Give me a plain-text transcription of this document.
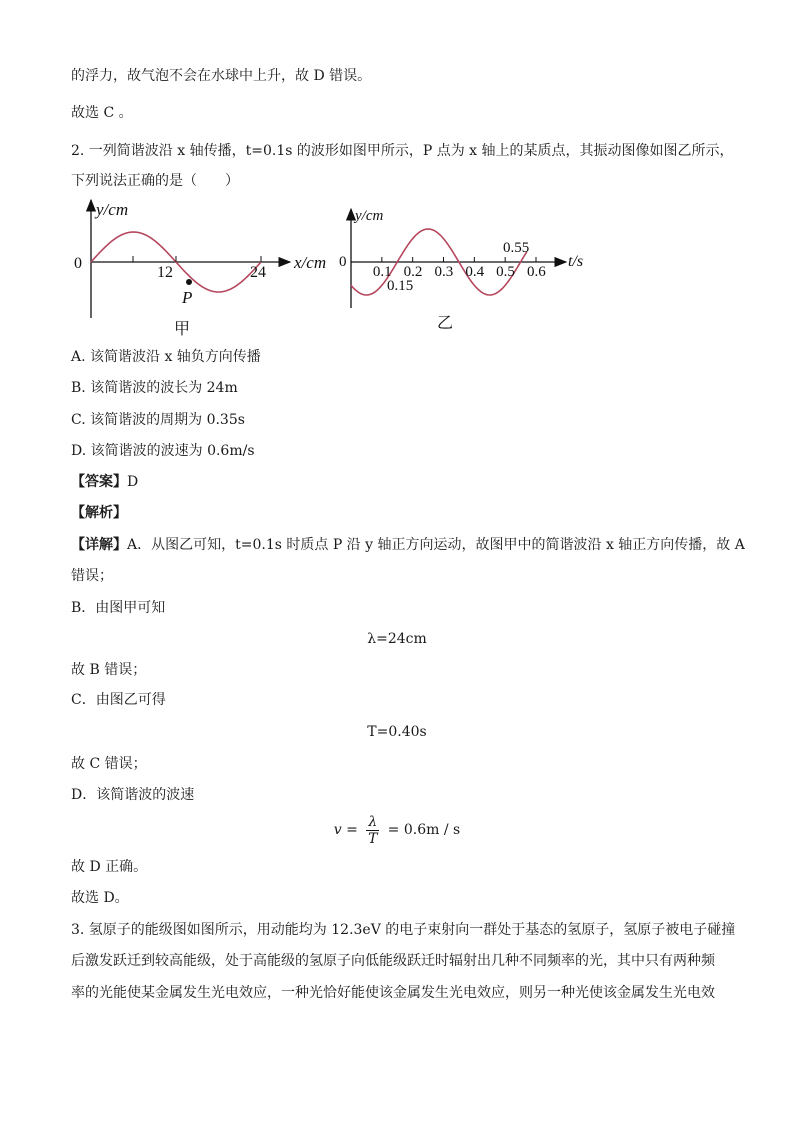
的浮力，故气泡不会在水球中上升，故 D 错误。
故选 C 。
2. 一列简谐波沿 x 轴传播，t=0.1s 的波形如图甲所示，P 点为 x 轴上的某质点，其振动图像如图乙所示，
下列说法正确的是（　　）
y/cm
0
12	24
x/cm
P
甲
0.1 0.2 0.3 0.4 0.5 0.6
y/cm
0
0.15
0.55
t/s
乙
A. 该简谐波沿 x 轴负方向传播
B. 该简谐波的波长为 24m
C. 该简谐波的周期为 0.35s
D. 该简谐波的波速为 0.6m/s
【答案】D
【解析】
【详解】A．从图乙可知，t=0.1s 时质点 P 沿 y 轴正方向运动，故图甲中的简谐波沿 x 轴正方向传播，故 A
错误；
B．由图甲可知
λ=24cm
故 B 错误；
C．由图乙可得
T=0.40s
故 C 错误；
D．该简谐波的波速
$v = \frac{\lambda}{T} = 0.6m / s$
故 D 正确。
故选 D。
3. 氢原子的能级图如图所示，用动能均为 12.3eV 的电子束射向一群处于基态的氢原子，氢原子被电子碰撞
后激发跃迁到较高能级，处于高能级的氢原子向低能级跃迁时辐射出几种不同频率的光，其中只有两种频
率的光能使某金属发生光电效应，一种光恰好能使该金属发生光电效应，则另一种光使该金属发生光电效
